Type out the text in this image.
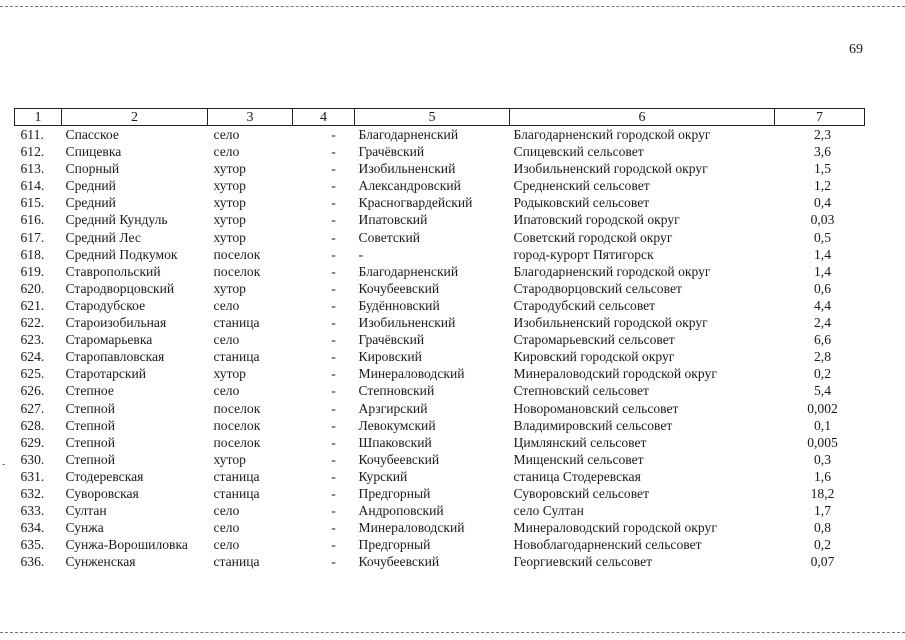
69
-
1	2	3	4	5	6	7
611.	Спасское	село	-	Благодарненский	Благодарненский городской округ	2,3
612.	Спицевка	село	-	Грачёвский	Спицевский сельсовет	3,6
613.	Спорный	хутор	-	Изобильненский	Изобильненский городской округ	1,5
614.	Средний	хутор	-	Александровский	Средненский сельсовет	1,2
615.	Средний	хутор	-	Красногвардейский	Родыковский сельсовет	0,4
616.	Средний Кундуль	хутор	-	Ипатовский	Ипатовский городской округ	0,03
617.	Средний Лес	хутор	-	Советский	Советский городской округ	0,5
618.	Средний Подкумок	поселок	-	-	город-курорт Пятигорск	1,4
619.	Ставропольский	поселок	-	Благодарненский	Благодарненский городской округ	1,4
620.	Стародворцовский	хутор	-	Кочубеевский	Стародворцовский сельсовет	0,6
621.	Стародубское	село	-	Будённовский	Стародубский сельсовет	4,4
622.	Староизобильная	станица	-	Изобильненский	Изобильненский городской округ	2,4
623.	Старомарьевка	село	-	Грачёвский	Старомарьевский сельсовет	6,6
624.	Старопавловская	станица	-	Кировский	Кировский городской округ	2,8
625.	Старотарский	хутор	-	Минераловодский	Минераловодский городской округ	0,2
626.	Степное	село	-	Степновский	Степновский сельсовет	5,4
627.	Степной	поселок	-	Арзгирский	Новоромановский сельсовет	0,002
628.	Степной	поселок	-	Левокумский	Владимировский сельсовет	0,1
629.	Степной	поселок	-	Шпаковский	Цимлянский сельсовет	0,005
630.	Степной	хутор	-	Кочубеевский	Мищенский сельсовет	0,3
631.	Стодеревская	станица	-	Курский	станица Стодеревская	1,6
632.	Суворовская	станица	-	Предгорный	Суворовский сельсовет	18,2
633.	Султан	село	-	Андроповский	село Султан	1,7
634.	Сунжа	село	-	Минераловодский	Минераловодский городской округ	0,8
635.	Сунжа-Ворошиловка	село	-	Предгорный	Новоблагодарненский сельсовет	0,2
636.	Сунженская	станица	-	Кочубеевский	Георгиевский сельсовет	0,07
